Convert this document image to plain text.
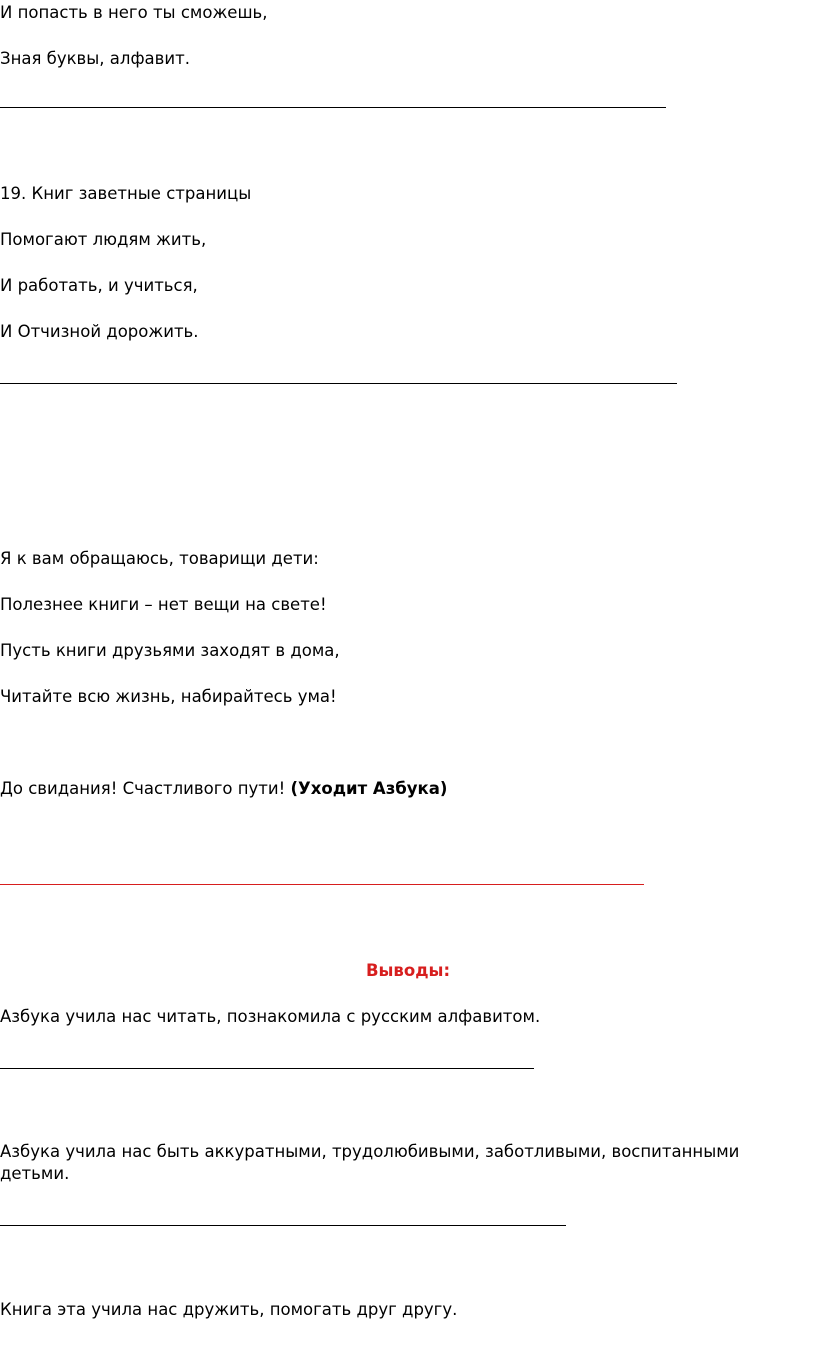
И попасть в него ты сможешь,
Зная буквы, алфавит.
19. Книг заветные страницы
Помогают людям жить,
И работать, и учиться,
И Отчизной дорожить.
Я к вам обращаюсь, товарищи дети:
Полезнее книги – нет вещи на свете!
Пусть книги друзьями заходят в дома,
Читайте всю жизнь, набирайтесь ума!
До свидания! Счастливого пути! (Уходит Азбука)
Выводы:
Азбука учила нас читать, познакомила с русским алфавитом.
Азбука учила нас быть аккуратными, трудолюбивыми, заботливыми, воспитанными детьми.
Книга эта учила нас дружить, помогать друг другу.
